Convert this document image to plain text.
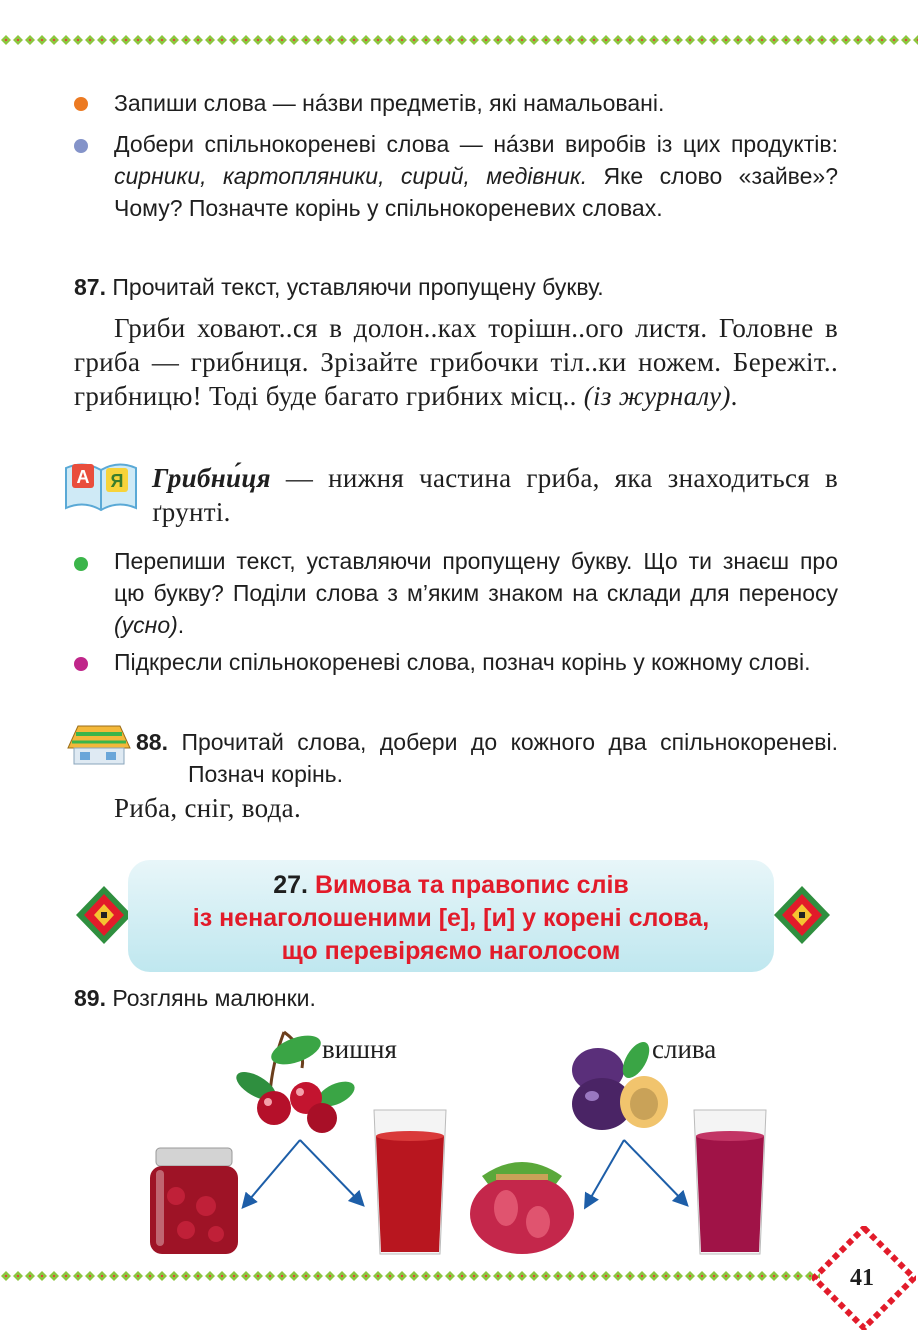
Запиши слова — нáзви предметів, які намальовані.

Добери спільнокореневі слова — нáзви виробів із цих продуктів: сирники, картопляники, сирий, медівник. Яке слово «зайве»? Чому? Позначте корінь у спільнокореневих словах.

87. Прочитай текст, уставляючи пропущену букву.

Гриби ховают..ся в долон..ках торішн..ого листя. Головне в гриба — грибниця. Зрізайте грибочки тіл..ки ножем. Бережіт.. грибницю! Тоді буде багато грибних місц.. (із журналу).

А Я Грибни́ця — нижня частина гриба, яка знаходиться в ґрунті.

Перепиши текст, уставляючи пропущену букву. Що ти знаєш про цю букву? Поділи слова з м’яким знаком на склади для переносу (усно).

Підкресли спільнокореневі слова, познач корінь у кожному слові.

88. Прочитай слова, добери до кожного два спільнокореневі. Познач корінь.

Риба, сніг, вода.

27. Вимова та правопис слів
із ненаголошеними [е], [и] у корені слова,
що перевіряємо наголосом

89. Розглянь малюнки.

вишня	слива
41
